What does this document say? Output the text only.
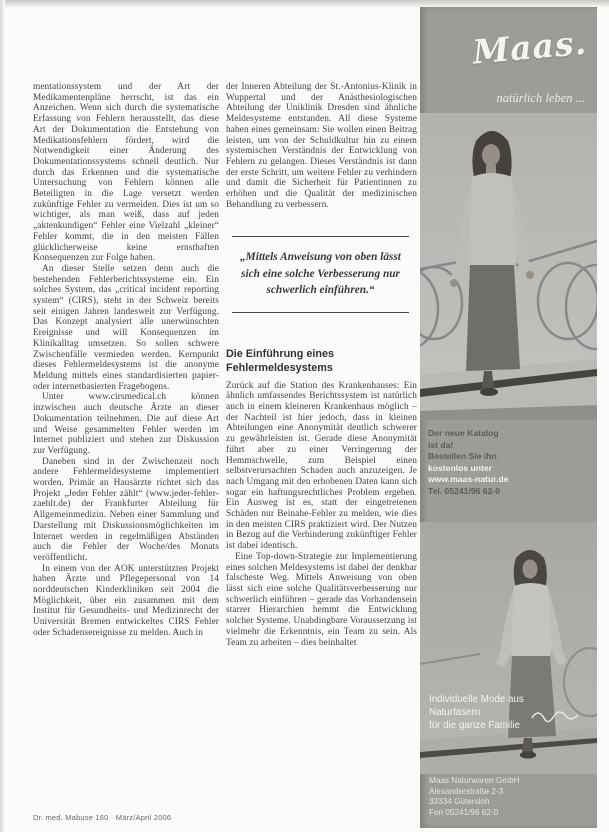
mentationssystem und der Art der Medikamentenpläne herrscht, ist das ein Anzeichen. Wenn sich durch die systematische Erfassung von Fehlern herausstellt, das diese Art der Dokumentation die Entstehung von Medikationsfehlern fördert, wird die Notwendigkeit einer Änderung des Dokumentationssystems schnell deutlich. Nur durch das Erkennen und die systematische Untersuchung von Fehlern können alle Beteiligten in die Lage versetzt werden zukünftige Fehler zu vermeiden. Dies ist um so wichtiger, als man weiß, dass auf jeden „aktenkundigen“ Fehler eine Vielzahl „kleiner“ Fehler kommt, die in den meisten Fällen glücklicherweise keine ernsthaften Konsequenzen zur Folge haben.

An dieser Stelle setzen denn auch die bestehenden Fehlerberichtssysteme ein. Ein solches System, das „critical incident reporting system“ (CIRS), steht in der Schweiz bereits seit einigen Jahren landesweit zur Verfügung. Das Konzept analysiert alle unerwünschten Ereignisse und will Konsequenzen im Klinikalltag umsetzen. So sollen schwere Zwischenfälle vermieden werden. Kernpunkt dieses Fehlermeldesystems ist die anonyme Meldung mittels eines standardisierten papier- oder internetbasierten Fragebogens.

Unter www.cirsmedical.ch können inzwischen auch deutsche Ärzte an dieser Dokumentation teilnehmen. Die auf diese Art und Weise gesammelten Fehler werden im Internet publiziert und stehen zur Diskussion zur Verfügung.

Daneben sind in der Zwischenzeit noch andere Fehlermeldesysteme implementiert worden. Primär an Hausärzte richtet sich das Projekt „Jeder Fehler zählt“ (www.jeder-fehler-zaehlt.de) der Frankfurter Abteilung für Allgemeinmedizin. Neben einer Sammlung und Darstellung mit Diskussionsmöglichkeiten im Internet werden in regelmäßigen Abständen auch die Fehler der Woche/des Monats veröffentlicht.

In einem von der AOK unterstützten Projekt haben Ärzte und Pflegepersonal von 14 norddeutschen Kinderkliniken seit 2004 die Möglichkeit, über ein zusammen mit dem Institut für Gesundheits- und Medizinrecht der Universität Bremen entwickeltes CIRS Fehler oder Schadensereignisse zu melden. Auch in

der Inneren Abteilung der St.-Antonius-Klinik in Wuppertal und der Anästhesiologischen Abteilung der Uniklinik Dresden sind ähnliche Meldesysteme entstanden. All diese Systeme haben eines gemeinsam: Sie wollen einen Beitrag leisten, um von der Schuldkultur hin zu einem systemischen Verständnis der Entwicklung von Fehlern zu gelangen. Dieses Verständnis ist dann der erste Schritt, um weitere Fehler zu verhindern und damit die Sicherheit für Patientinnen zu erhöhen und die Qualität der medizinischen Behandlung zu verbessern.

„Mittels Anweisung von oben lässt sich eine solche Verbesserung nur schwerlich einführen.“
Die Einführung eines Fehlermeldesystems

Zurück auf die Station des Krankenhauses: Ein ähnlich umfassendes Berichtssystem ist natürlich auch in einem kleineren Krankenhaus möglich – der Nachteil ist hier jedoch, dass in kleinen Abteilungen eine Anonymität deutlich schwerer zu gewährleisten ist. Gerade diese Anonymität führt aber zu einer Verringerung der Hemmschwelle, zum Beispiel einen selbstverursachten Schaden auch anzuzeigen. Je nach Umgang mit den erhobenen Daten kann sich sogar ein haftungsrechtliches Problem ergeben. Ein Ausweg ist es, statt der eingetretenen Schäden nur Beinahe-Fehler zu melden, wie dies in den meisten CIRS praktiziert wird. Der Nutzen in Bezug auf die Verhinderung zukünftiger Fehler ist dabei identisch.

Eine Top-down-Strategie zur Implementierung eines solchen Meldesystems ist dabei der denkbar falscheste Weg. Mittels Anweisung von oben lässt sich eine solche Qualitätsverbesserung nur schwerlich einführen – gerade das Vorhandensein starrer Hierarchien hemmt die Entwicklung solcher Systeme. Unabdingbare Voraussetzung ist vielmehr die Erkenntnis, ein Team zu sein. Als Team zu arbeiten – dies beinhaltet

Dr. med. Mabuse 160 · März/April 2006
Maas.
natürlich leben ...
Der neue Katalog
ist da!
Bestellen Sie ihn
kostenlos unter
www.maas-natur.de
Tel. 05241/96 62-0
Individuelle Mode aus
Naturfasern
für die ganze Familie
Maas Naturwaren GmbH
Alexanderstraße 2-3
33334 Gütersloh
Fon 05241/96 62-0
